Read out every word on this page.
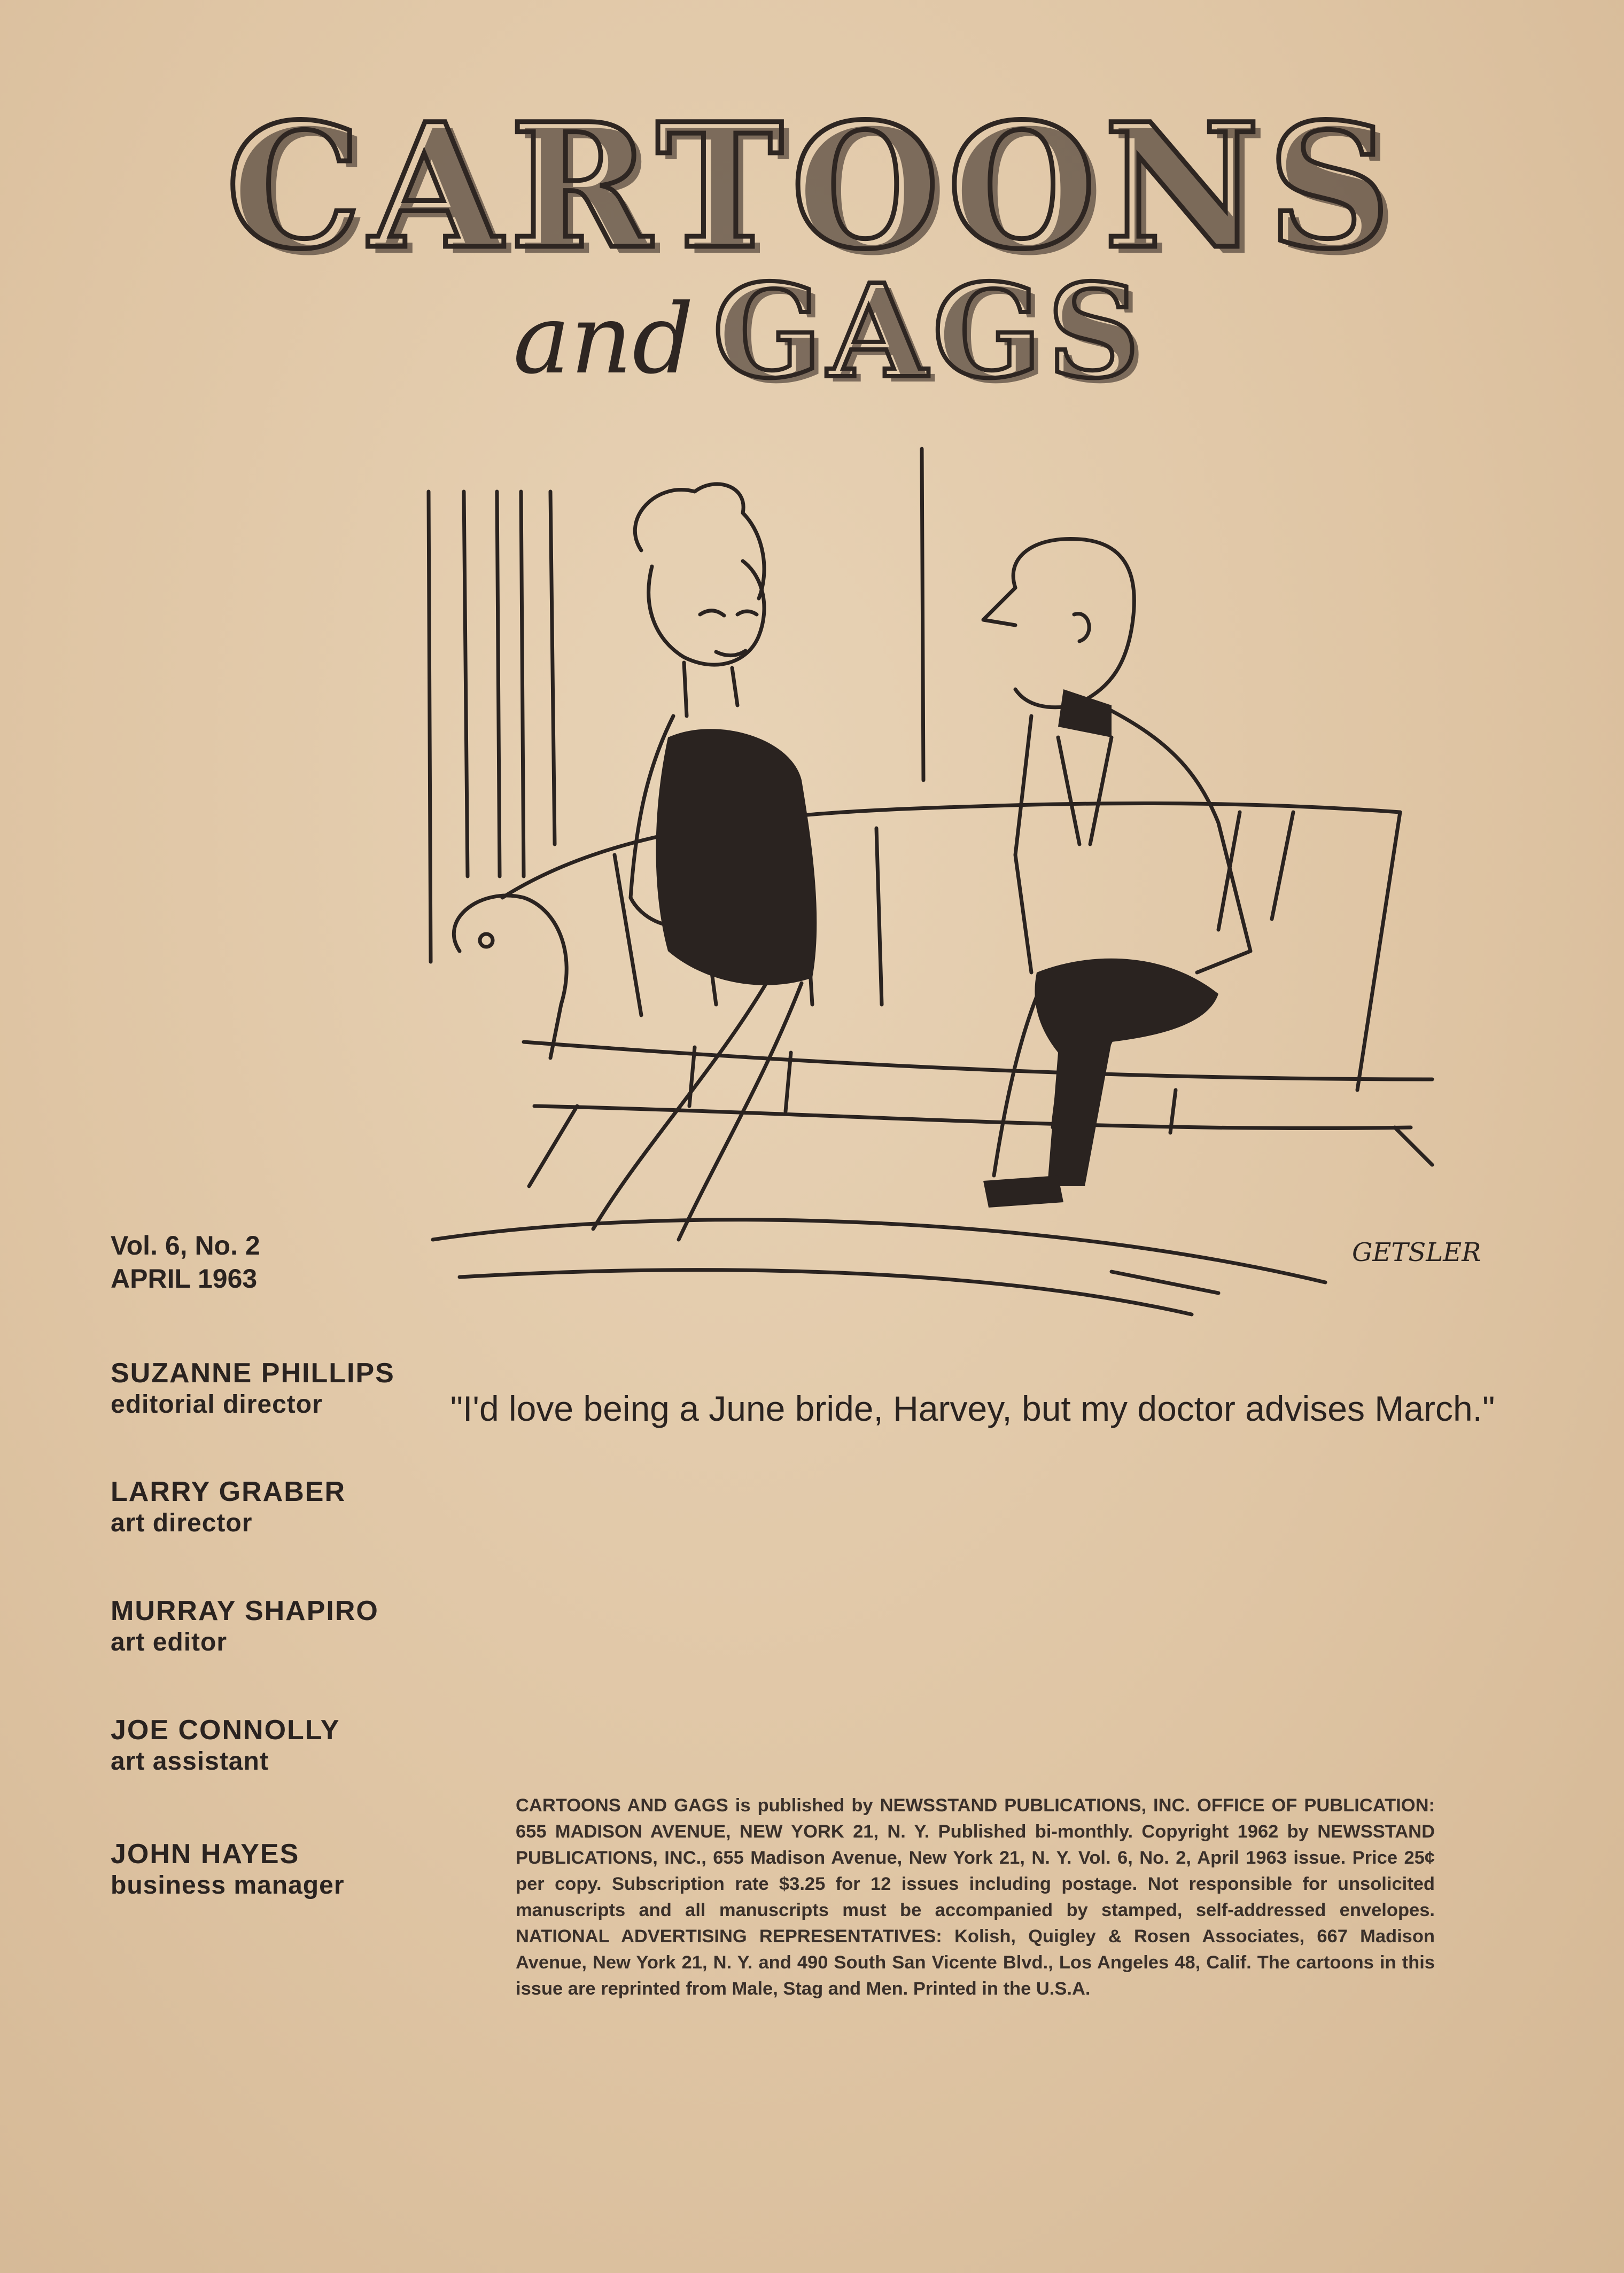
CARTOONS
and GAGS
GETSLER
"I'd love being a June bride, Harvey, but my doctor advises March."
Vol. 6, No. 2
APRIL 1963
SUZANNE PHILLIPS
editorial director
LARRY GRABER
art director
MURRAY SHAPIRO
art editor
JOE CONNOLLY
art assistant
JOHN HAYES
business manager
CARTOONS AND GAGS is published by NEWSSTAND PUBLICATIONS, INC. OFFICE OF PUBLICATION: 655 MADISON AVENUE, NEW YORK 21, N. Y. Published bi-monthly. Copyright 1962 by NEWSSTAND PUBLICATIONS, INC., 655 Madison Avenue, New York 21, N. Y. Vol. 6, No. 2, April 1963 issue. Price 25¢ per copy. Subscription rate $3.25 for 12 issues including postage. Not responsible for unsolicited manuscripts and all manuscripts must be accompanied by stamped, self-addressed envelopes. NATIONAL ADVERTISING REPRESENTATIVES: Kolish, Quigley & Rosen Associates, 667 Madison Avenue, New York 21, N. Y. and 490 South San Vicente Blvd., Los Angeles 48, Calif. The cartoons in this issue are reprinted from Male, Stag and Men. Printed in the U.S.A.
